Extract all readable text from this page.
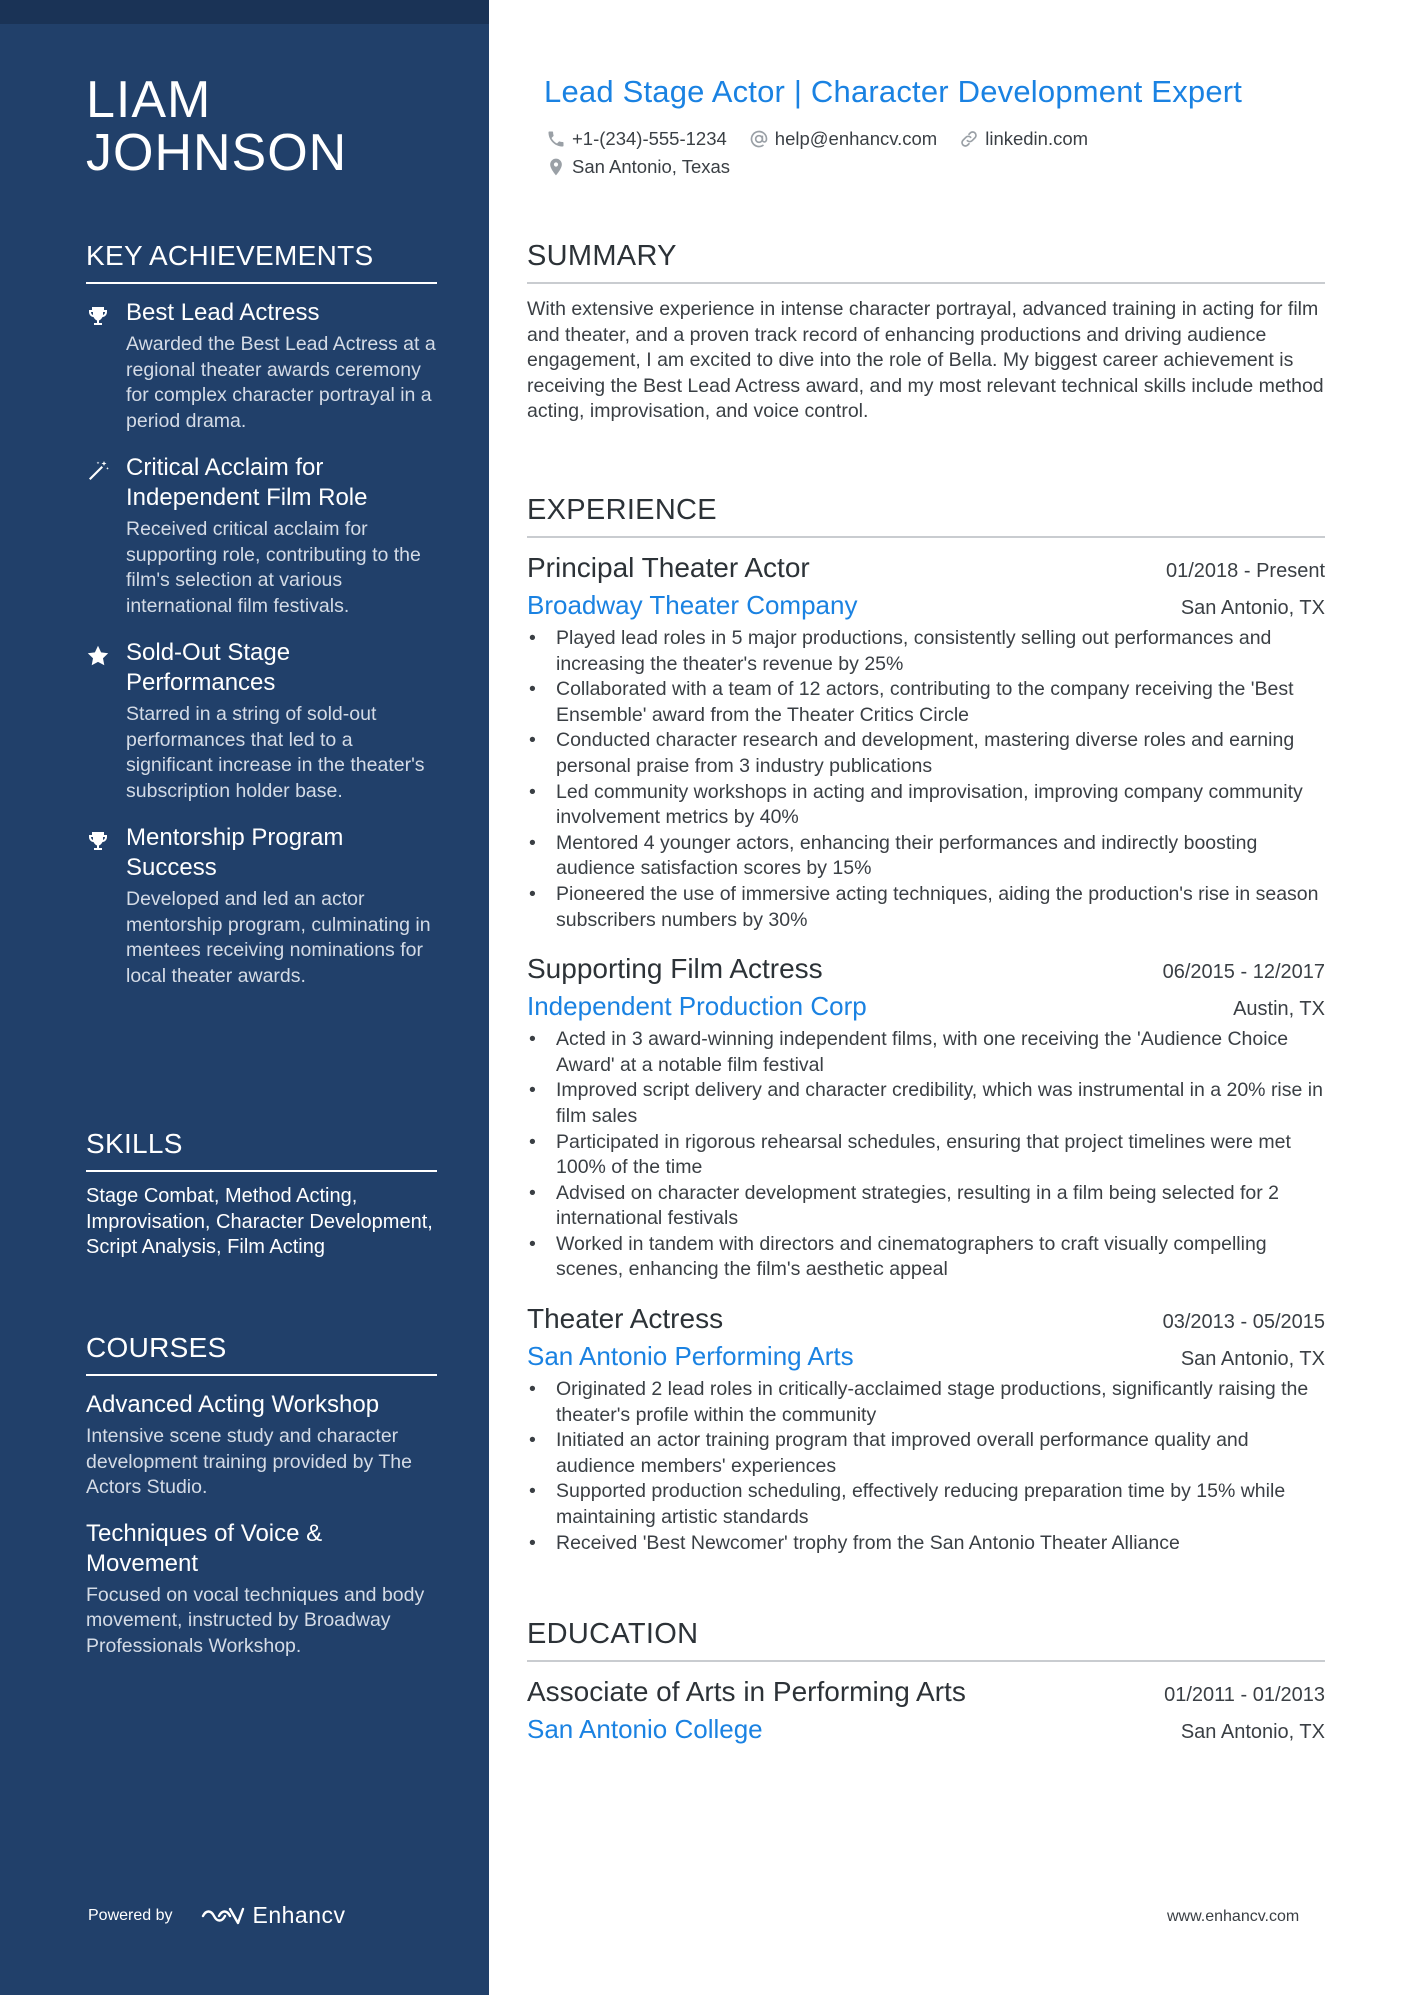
LIAM
JOHNSON
KEY ACHIEVEMENTS
Best Lead Actress
Awarded the Best Lead Actress at a regional theater awards ceremony for complex character portrayal in a period drama.
Critical Acclaim for Independent Film Role
Received critical acclaim for supporting role, contributing to the film's selection at various international film festivals.
Sold-Out Stage Performances
Starred in a string of sold-out performances that led to a significant increase in the theater's subscription holder base.
Mentorship Program Success
Developed and led an actor mentorship program, culminating in mentees receiving nominations for local theater awards.
SKILLS
Stage Combat, Method Acting, Improvisation, Character Development, Script Analysis, Film Acting
COURSES
Advanced Acting Workshop
Intensive scene study and character development training provided by The Actors Studio.
Techniques of Voice & Movement
Focused on vocal techniques and body movement, instructed by Broadway Professionals Workshop.
Powered by	Enhancv
Lead Stage Actor | Character Development Expert
+1-(234)-555-1234	help@enhancv.com	linkedin.com
San Antonio, Texas
SUMMARY
With extensive experience in intense character portrayal, advanced training in acting for film and theater, and a proven track record of enhancing productions and driving audience engagement, I am excited to dive into the role of Bella. My biggest career achievement is receiving the Best Lead Actress award, and my most relevant technical skills include method acting, improvisation, and voice control.
EXPERIENCE
Principal Theater Actor	01/2018 - Present
Broadway Theater Company	San Antonio, TX
• Played lead roles in 5 major productions, consistently selling out performances and increasing the theater's revenue by 25%
• Collaborated with a team of 12 actors, contributing to the company receiving the 'Best Ensemble' award from the Theater Critics Circle
• Conducted character research and development, mastering diverse roles and earning personal praise from 3 industry publications
• Led community workshops in acting and improvisation, improving company community involvement metrics by 40%
• Mentored 4 younger actors, enhancing their performances and indirectly boosting audience satisfaction scores by 15%
• Pioneered the use of immersive acting techniques, aiding the production's rise in season subscribers numbers by 30%
Supporting Film Actress	06/2015 - 12/2017
Independent Production Corp	Austin, TX
• Acted in 3 award-winning independent films, with one receiving the 'Audience Choice Award' at a notable film festival
• Improved script delivery and character credibility, which was instrumental in a 20% rise in film sales
• Participated in rigorous rehearsal schedules, ensuring that project timelines were met 100% of the time
• Advised on character development strategies, resulting in a film being selected for 2 international festivals
• Worked in tandem with directors and cinematographers to craft visually compelling scenes, enhancing the film's aesthetic appeal
Theater Actress	03/2013 - 05/2015
San Antonio Performing Arts	San Antonio, TX
• Originated 2 lead roles in critically-acclaimed stage productions, significantly raising the theater's profile within the community
• Initiated an actor training program that improved overall performance quality and audience members' experiences
• Supported production scheduling, effectively reducing preparation time by 15% while maintaining artistic standards
• Received 'Best Newcomer' trophy from the San Antonio Theater Alliance
EDUCATION
Associate of Arts in Performing Arts	01/2011 - 01/2013
San Antonio College	San Antonio, TX
www.enhancv.com
